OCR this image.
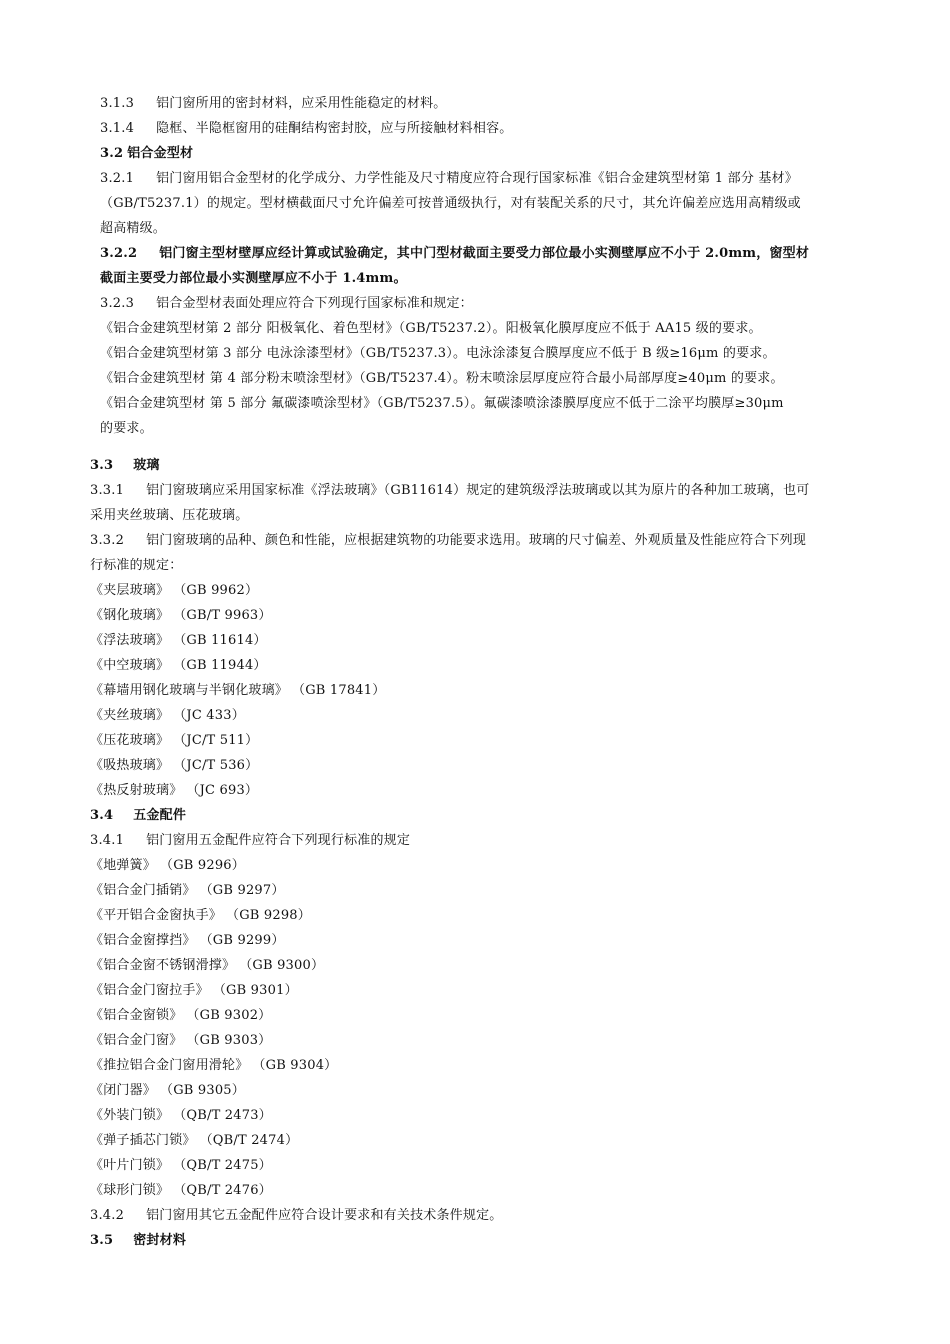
3.1.3 铝门窗所用的密封材料，应采用性能稳定的材料。
3.1.4 隐框、半隐框窗用的硅酮结构密封胶，应与所接触材料相容。
3.2 铝合金型材
3.2.1 铝门窗用铝合金型材的化学成分、力学性能及尺寸精度应符合现行国家标准《铝合金建筑型材第 1 部分 基材》
（GB/T5237.1）的规定。型材横截面尺寸允许偏差可按普通级执行，对有装配关系的尺寸，其允许偏差应选用高精级或
超高精级。
3.2.2 铝门窗主型材壁厚应经计算或试验确定，其中门型材截面主要受力部位最小实测壁厚应不小于 2.0mm，窗型材
截面主要受力部位最小实测壁厚应不小于 1.4mm。
3.2.3 铝合金型材表面处理应符合下列现行国家标准和规定：
《铝合金建筑型材第 2 部分 阳极氧化、着色型材》（GB/T5237.2）。阳极氧化膜厚度应不低于 AA15 级的要求。
《铝合金建筑型材第 3 部分 电泳涂漆型材》（GB/T5237.3）。电泳涂漆复合膜厚度应不低于 B 级≥16μm 的要求。
《铝合金建筑型材 第 4 部分粉末喷涂型材》（GB/T5237.4）。粉末喷涂层厚度应符合最小局部厚度≥40μm 的要求。
《铝合金建筑型材 第 5 部分 氟碳漆喷涂型材》（GB/T5237.5）。氟碳漆喷涂漆膜厚度应不低于二涂平均膜厚≥30μm
的要求。
3.3 玻璃
3.3.1 铝门窗玻璃应采用国家标准《浮法玻璃》（GB11614）规定的建筑级浮法玻璃或以其为原片的各种加工玻璃，也可
采用夹丝玻璃、压花玻璃。
3.3.2 铝门窗玻璃的品种、颜色和性能，应根据建筑物的功能要求选用。玻璃的尺寸偏差、外观质量及性能应符合下列现
行标准的规定：
《夹层玻璃》 （GB 9962）
《钢化玻璃》 （GB/T 9963）
《浮法玻璃》 （GB 11614）
《中空玻璃》 （GB 11944）
《幕墙用钢化玻璃与半钢化玻璃》 （GB 17841）
《夹丝玻璃》 （JC 433）
《压花玻璃》 （JC/T 511）
《吸热玻璃》 （JC/T 536）
《热反射玻璃》 （JC 693）
3.4 五金配件
3.4.1 铝门窗用五金配件应符合下列现行标准的规定
《地弹簧》 （GB 9296）
《铝合金门插销》 （GB 9297）
《平开铝合金窗执手》 （GB 9298）
《铝合金窗撑挡》 （GB 9299）
《铝合金窗不锈钢滑撑》 （GB 9300）
《铝合金门窗拉手》 （GB 9301）
《铝合金窗锁》 （GB 9302）
《铝合金门窗》 （GB 9303）
《推拉铝合金门窗用滑轮》 （GB 9304）
《闭门器》 （GB 9305）
《外装门锁》 （QB/T 2473）
《弹子插芯门锁》 （QB/T 2474）
《叶片门锁》 （QB/T 2475）
《球形门锁》 （QB/T 2476）
3.4.2 铝门窗用其它五金配件应符合设计要求和有关技术条件规定。
3.5 密封材料
